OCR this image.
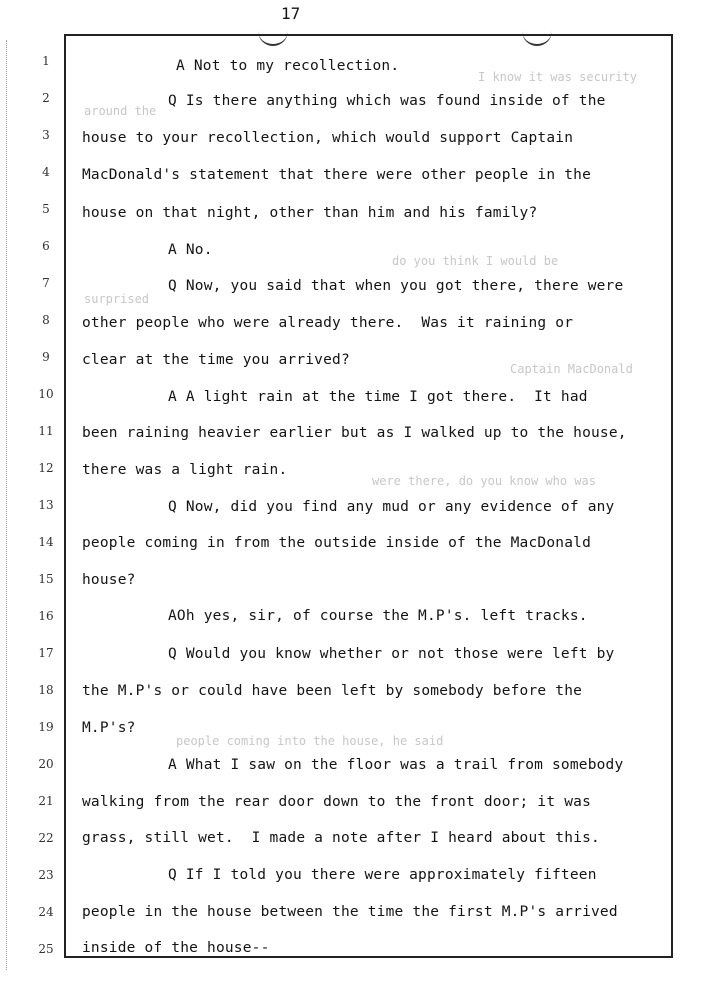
17
I know it was security
around the
do you think I would be
surprised
Captain MacDonald
were there, do you know who was
people coming into the house, he said
1
2
3
4
5
6
7
8
9
10
11
12
13
14
15
16
17
18
19
20
21
22
23
24
25
A Not to my recollection.
Q Is there anything which was found inside of the
house to your recollection, which would support Captain
MacDonald's statement that there were other people in the
house on that night, other than him and his family?
A No.
Q Now, you said that when you got there, there were
other people who were already there.  Was it raining or
clear at the time you arrived?
A A light rain at the time I got there.  It had
been raining heavier earlier but as I walked up to the house,
there was a light rain.
Q Now, did you find any mud or any evidence of any
people coming in from the outside inside of the MacDonald
house?
AOh yes, sir, of course the M.P's. left tracks.
Q Would you know whether or not those were left by
the M.P's or could have been left by somebody before the
M.P's?
A What I saw on the floor was a trail from somebody
walking from the rear door down to the front door; it was
grass, still wet.  I made a note after I heard about this.
Q If I told you there were approximately fifteen
people in the house between the time the first M.P's arrived
inside of the house--
